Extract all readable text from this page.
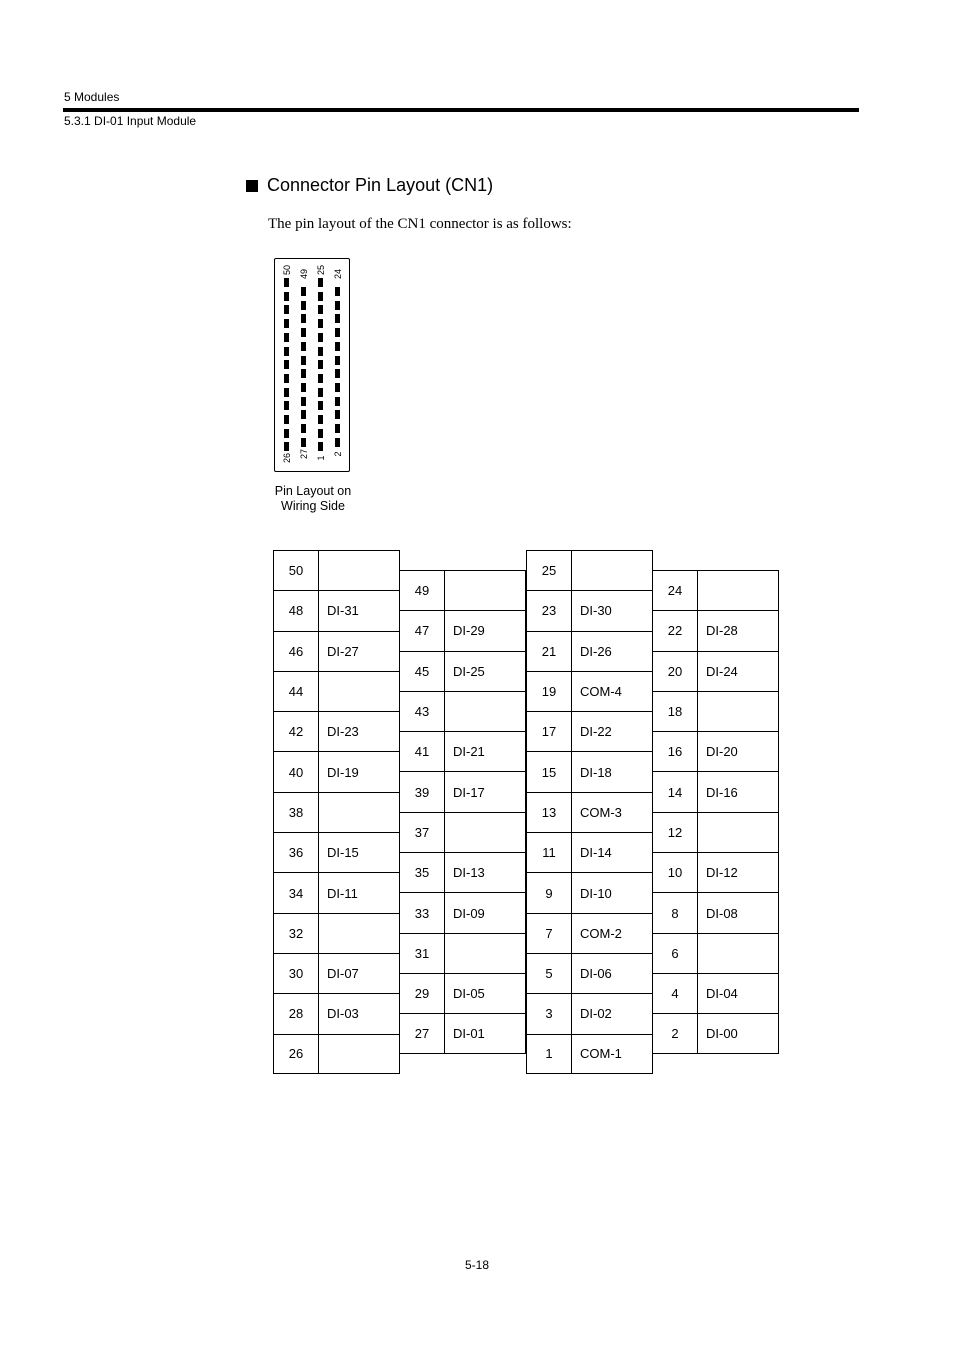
5 Modules
5.3.1 DI-01 Input Module
Connector Pin Layout (CN1)
The pin layout of the CN1 connector is as follows:
50 49 25 24
26 27 1
2
Pin Layout on
Wiring Side
50
48	DI-31
46	DI-27
44
42	DI-23
40	DI-19
38
36	DI-15
34	DI-11
32
30	DI-07
28	DI-03
26
49
47	DI-29
45	DI-25
43
41	DI-21
39	DI-17
37
35	DI-13
33	DI-09
31
29	DI-05
27	DI-01
25
23	DI-30
21	DI-26
19	COM-4
17	DI-22
15	DI-18
13	COM-3
11	DI-14
9	DI-10
7	COM-2
5	DI-06
3	DI-02
1	COM-1
24
22	DI-28
20	DI-24
18
16	DI-20
14	DI-16
12
10	DI-12
8	DI-08
6
4	DI-04
2	DI-00
5-18
